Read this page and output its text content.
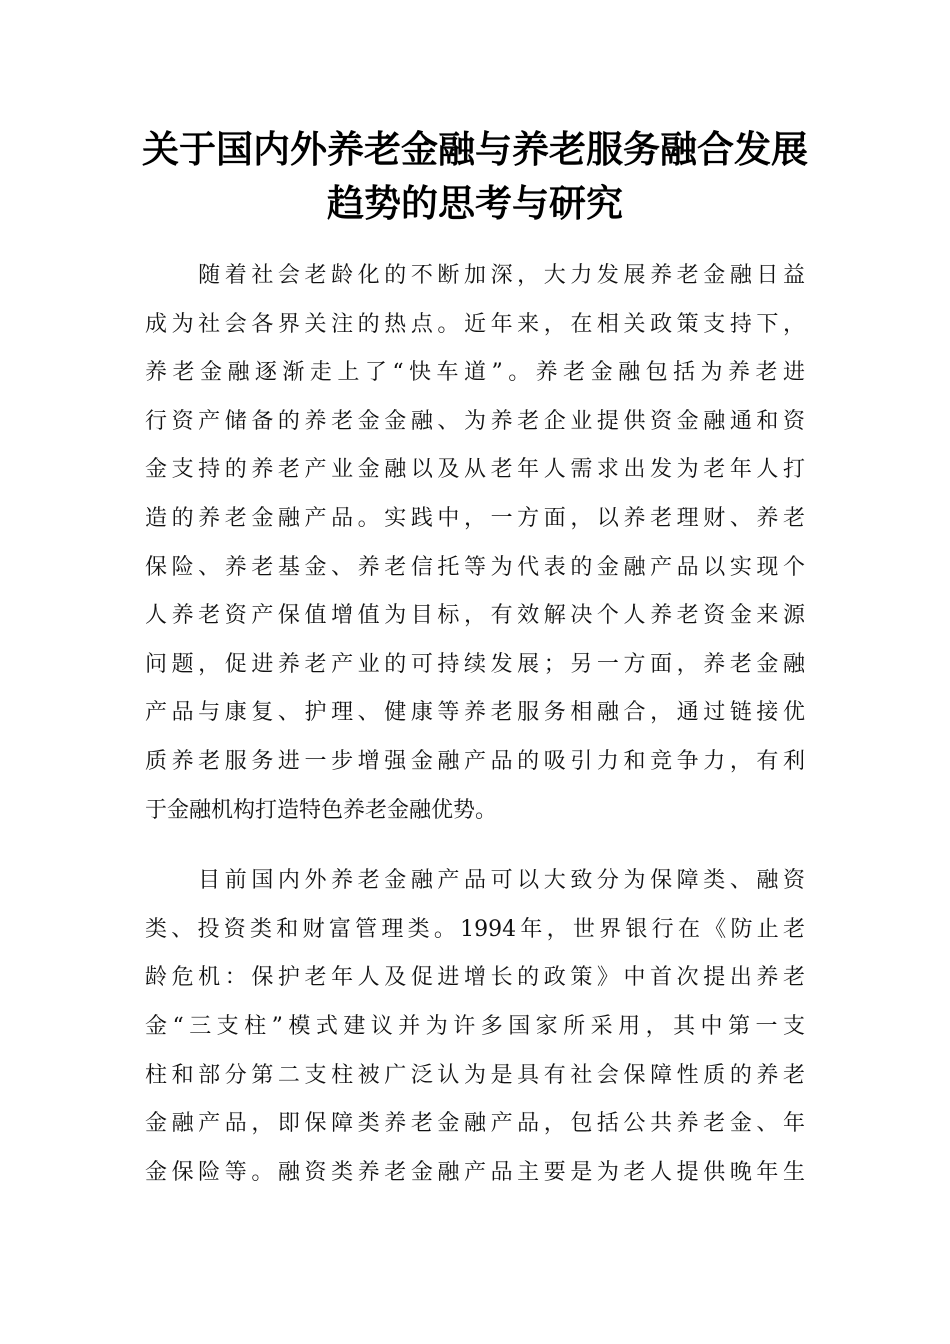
关于国内外养老金融与养老服务融合发展
趋势的思考与研究
　　随着社会老龄化的不断加深，大力发展养老金融日益
成为社会各界关注的热点。近年来，在相关政策支持下，
养老金融逐渐走上了“快车道”。养老金融包括为养老进
行资产储备的养老金金融、为养老企业提供资金融通和资
金支持的养老产业金融以及从老年人需求出发为老年人打
造的养老金融产品。实践中，一方面，以养老理财、养老
保险、养老基金、养老信托等为代表的金融产品以实现个
人养老资产保值增值为目标，有效解决个人养老资金来源
问题，促进养老产业的可持续发展；另一方面，养老金融
产品与康复、护理、健康等养老服务相融合，通过链接优
质养老服务进一步增强金融产品的吸引力和竞争力，有利
于金融机构打造特色养老金融优势。
　　目前国内外养老金融产品可以大致分为保障类、融资
类、投资类和财富管理类。1994年，世界银行在《防止老
龄危机：保护老年人及促进增长的政策》中首次提出养老
金“三支柱”模式建议并为许多国家所采用，其中第一支
柱和部分第二支柱被广泛认为是具有社会保障性质的养老
金融产品，即保障类养老金融产品，包括公共养老金、年
金保险等。融资类养老金融产品主要是为老人提供晚年生
